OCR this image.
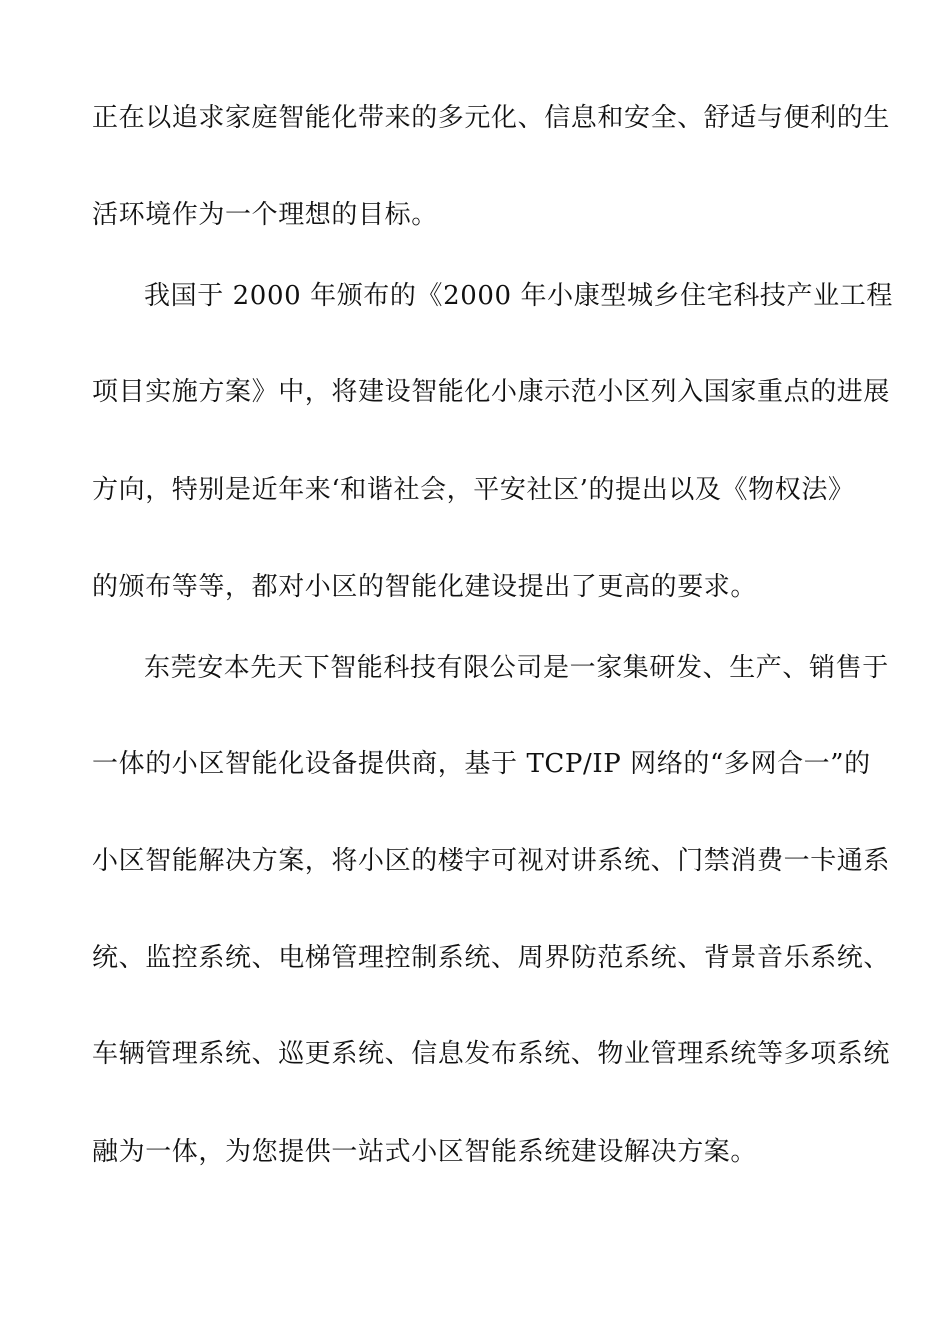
正在以追求家庭智能化带来的多元化、信息和安全、舒适与便利的生
活环境作为一个理想的目标。
我国于 2000 年颁布的《2000 年小康型城乡住宅科技产业工程
项目实施方案》中，将建设智能化小康示范小区列入国家重点的进展
方向，特别是近年来‘和谐社会，平安社区’的提出以及《物权法》
的颁布等等，都对小区的智能化建设提出了更高的要求。
东莞安本先天下智能科技有限公司是一家集研发、生产、销售于
一体的小区智能化设备提供商，基于 TCP/IP 网络的“多网合一”的
小区智能解决方案，将小区的楼宇可视对讲系统、门禁消费一卡通系
统、监控系统、电梯管理控制系统、周界防范系统、背景音乐系统、
车辆管理系统、巡更系统、信息发布系统、物业管理系统等多项系统
融为一体，为您提供一站式小区智能系统建设解决方案。
